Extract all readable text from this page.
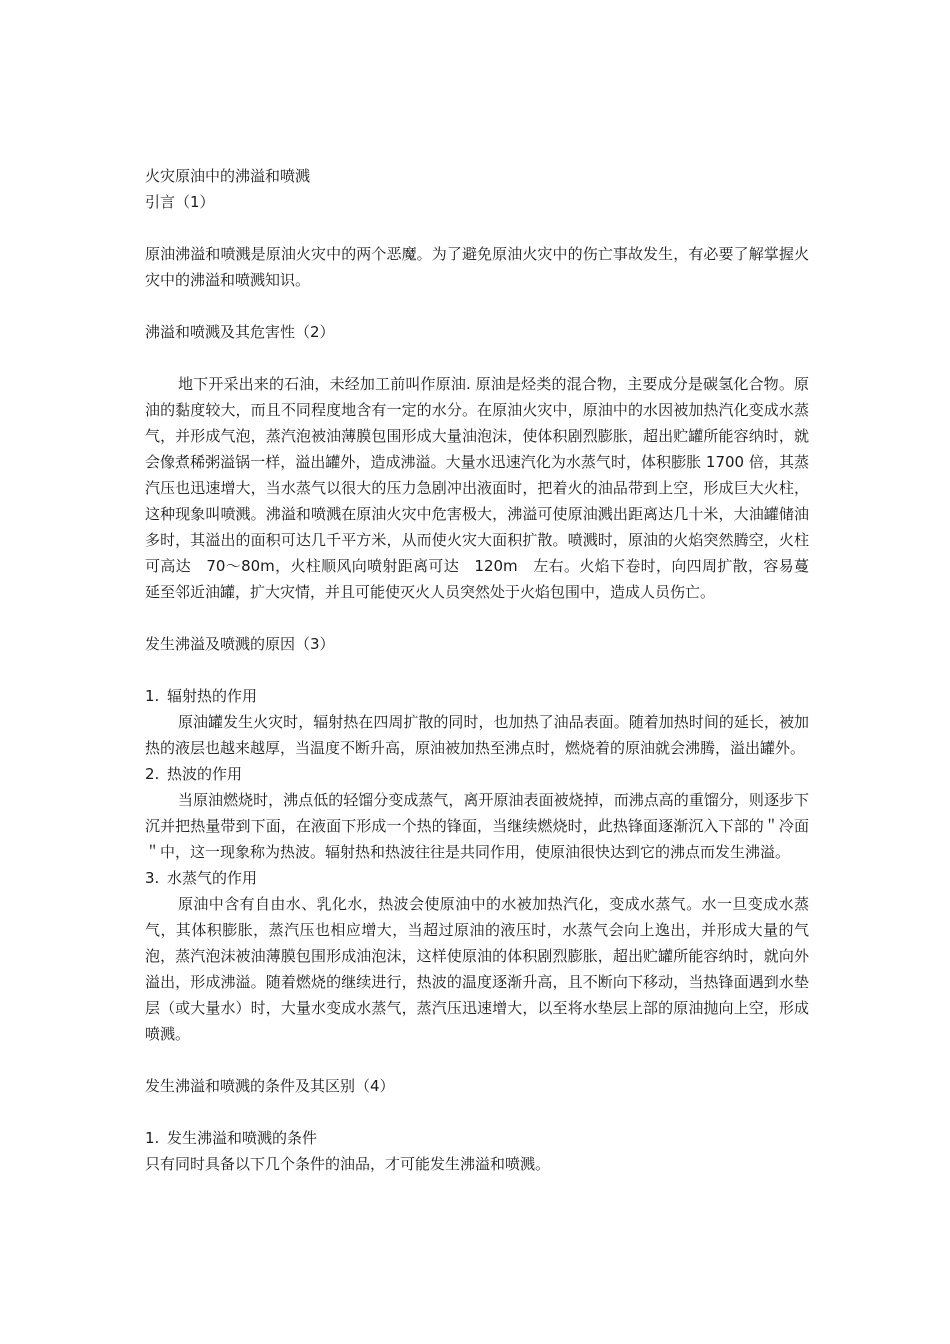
火灾原油中的沸溢和喷溅
引言（1）
原油沸溢和喷溅是原油火灾中的两个恶魔。为了避免原油火灾中的伤亡事故发生，有必要了解掌握火灾中的沸溢和喷溅知识。
沸溢和喷溅及其危害性（2）
地下开采出来的石油，未经加工前叫作原油. 原油是烃类的混合物，主要成分是碳氢化合物。原油的黏度较大，而且不同程度地含有一定的水分。在原油火灾中，原油中的水因被加热汽化变成水蒸气，并形成气泡，蒸汽泡被油薄膜包围形成大量油泡沫，使体积剧烈膨胀，超出贮罐所能容纳时，就会像煮稀粥溢锅一样，溢出罐外，造成沸溢。大量水迅速汽化为水蒸气时，体积膨胀 1700 倍，其蒸汽压也迅速增大，当水蒸气以很大的压力急剧冲出液面时，把着火的油品带到上空，形成巨大火柱，这种现象叫喷溅。沸溢和喷溅在原油火灾中危害极大，沸溢可使原油溅出距离达几十米，大油罐储油多时，其溢出的面积可达几千平方米，从而使火灾大面积扩散。喷溅时，原油的火焰突然腾空，火柱可高达　70～80m，火柱顺风向喷射距离可达　120m　左右。火焰下卷时，向四周扩散，容易蔓延至邻近油罐，扩大灾情，并且可能使灭火人员突然处于火焰包围中，造成人员伤亡。
发生沸溢及喷溅的原因（3）
1. 辐射热的作用
原油罐发生火灾时，辐射热在四周扩散的同时，也加热了油品表面。随着加热时间的延长，被加热的液层也越来越厚，当温度不断升高，原油被加热至沸点时，燃烧着的原油就会沸腾，溢出罐外。
2. 热波的作用
当原油燃烧时，沸点低的轻馏分变成蒸气，离开原油表面被烧掉，而沸点高的重馏分，则逐步下沉并把热量带到下面，在液面下形成一个热的锋面，当继续燃烧时，此热锋面逐渐沉入下部的＂冷面＂中，这一现象称为热波。辐射热和热波往往是共同作用，使原油很快达到它的沸点而发生沸溢。
3. 水蒸气的作用
原油中含有自由水、乳化水，热波会使原油中的水被加热汽化，变成水蒸气。水一旦变成水蒸气，其体积膨胀，蒸汽压也相应增大，当超过原油的液压时，水蒸气会向上逸出，并形成大量的气泡，蒸汽泡沫被油薄膜包围形成油泡沫，这样使原油的体积剧烈膨胀，超出贮罐所能容纳时，就向外溢出，形成沸溢。随着燃烧的继续进行，热波的温度逐渐升高，且不断向下移动，当热锋面遇到水垫层（或大量水）时，大量水变成水蒸气，蒸汽压迅速增大，以至将水垫层上部的原油抛向上空，形成喷溅。
发生沸溢和喷溅的条件及其区别（4）
1. 发生沸溢和喷溅的条件
只有同时具备以下几个条件的油品，才可能发生沸溢和喷溅。
